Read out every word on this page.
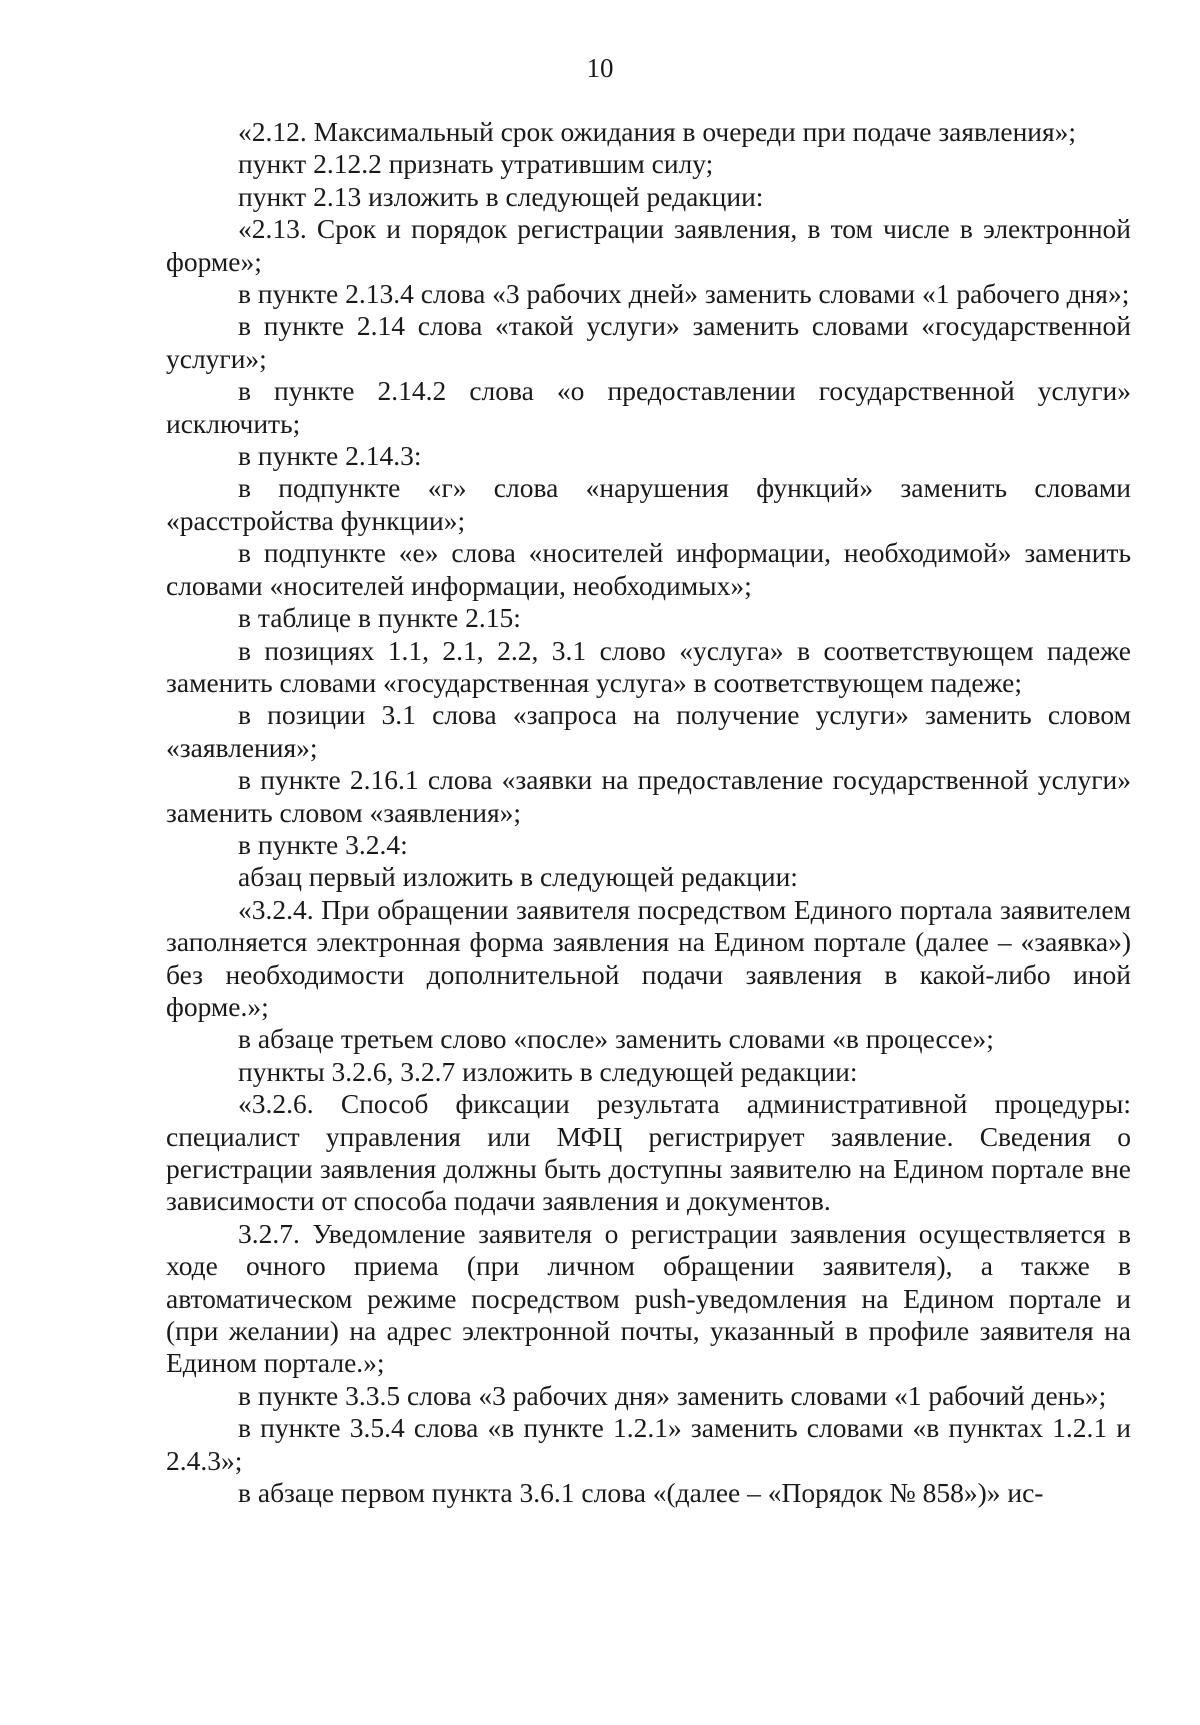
10

«2.12. Максимальный срок ожидания в очереди при подаче заявления»;

пункт 2.12.2 признать утратившим силу;

пункт 2.13 изложить в следующей редакции:

«2.13. Срок и порядок регистрации заявления, в том числе в электронной форме»;

в пункте 2.13.4 слова «3 рабочих дней» заменить словами «1 рабочего дня»;

в пункте 2.14 слова «такой услуги» заменить словами «государственной услуги»;

в пункте 2.14.2 слова «о предоставлении государственной услуги» исключить;

в пункте 2.14.3:

в подпункте «г» слова «нарушения функций» заменить словами «расстройства функции»;

в подпункте «е» слова «носителей информации, необходимой» заменить словами «носителей информации, необходимых»;

в таблице в пункте 2.15:

в позициях 1.1, 2.1, 2.2, 3.1 слово «услуга» в соответствующем падеже заменить словами «государственная услуга» в соответствующем падеже;

в позиции 3.1 слова «запроса на получение услуги» заменить словом «заявления»;

в пункте 2.16.1 слова «заявки на предоставление государственной услуги» заменить словом «заявления»;

в пункте 3.2.4:

абзац первый изложить в следующей редакции:

«3.2.4. При обращении заявителя посредством Единого портала заявителем заполняется электронная форма заявления на Едином портале (далее – «заявка») без необходимости дополнительной подачи заявления в какой-либо иной форме.»;

в абзаце третьем слово «после» заменить словами «в процессе»;

пункты 3.2.6, 3.2.7 изложить в следующей редакции:

«3.2.6. Способ фиксации результата административной процедуры: специалист управления или МФЦ регистрирует заявление. Сведения о регистрации заявления должны быть доступны заявителю на Едином портале вне зависимости от способа подачи заявления и документов.

3.2.7. Уведомление заявителя о регистрации заявления осуществляется в ходе очного приема (при личном обращении заявителя), а также в автоматическом режиме посредством push-уведомления на Едином портале и (при желании) на адрес электронной почты, указанный в профиле заявителя на Едином портале.»;

в пункте 3.3.5 слова «3 рабочих дня» заменить словами «1 рабочий день»;

в пункте 3.5.4 слова «в пункте 1.2.1» заменить словами «в пунктах 1.2.1 и 2.4.3»;

в абзаце первом пункта 3.6.1 слова «(далее – «Порядок № 858»)» ис-
